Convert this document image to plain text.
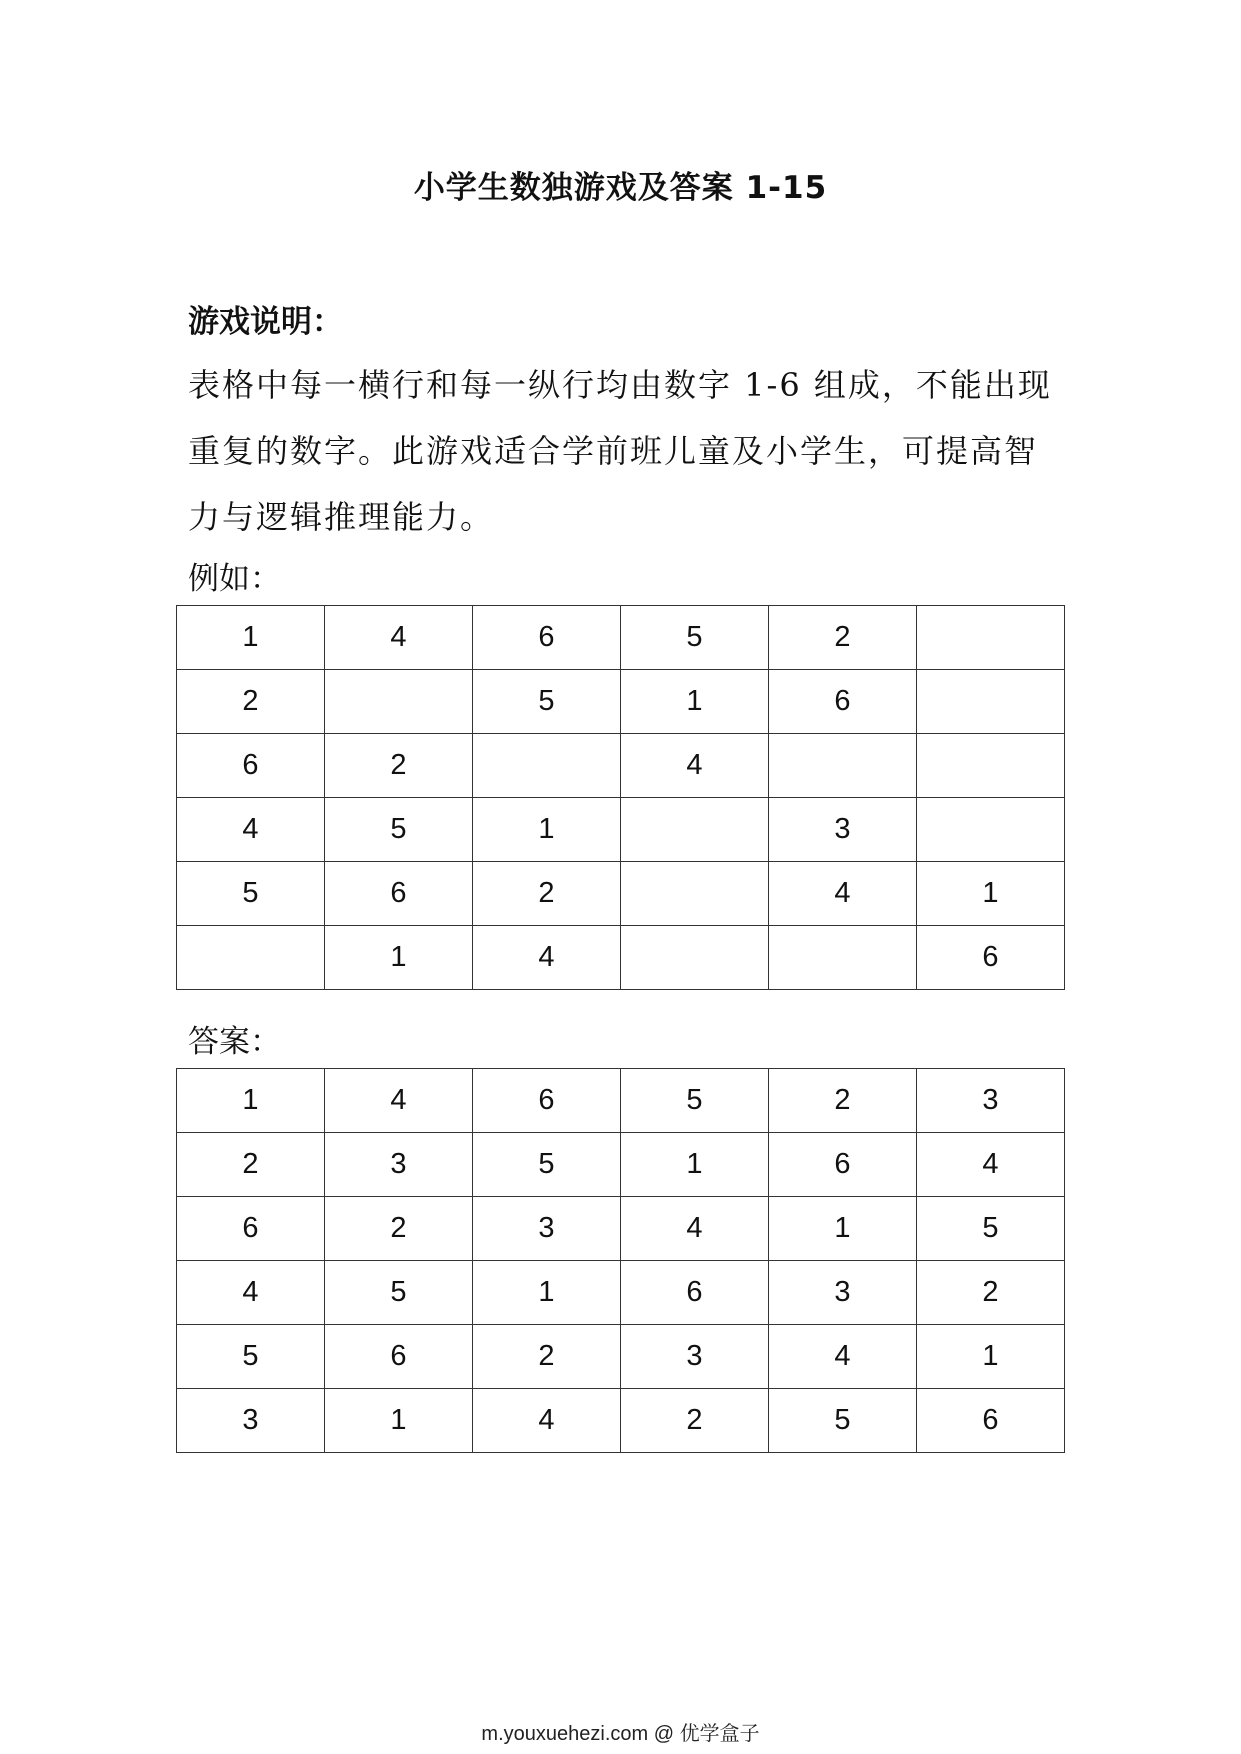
小学生数独游戏及答案 1-15
游戏说明：
表格中每一横行和每一纵行均由数字 1-6 组成，不能出现重复的数字。此游戏适合学前班儿童及小学生，可提高智力与逻辑推理能力。
例如：
1	4	6	5	2	
2		5	1	6	
6	2		4		
4	5	1		3	
5	6	2		4	1
	1	4			6
答案：
1	4	6	5	2	3
2	3	5	1	6	4
6	2	3	4	1	5
4	5	1	6	3	2
5	6	2	3	4	1
3	1	4	2	5	6
m.youxuehezi.com @ 优学盒子
